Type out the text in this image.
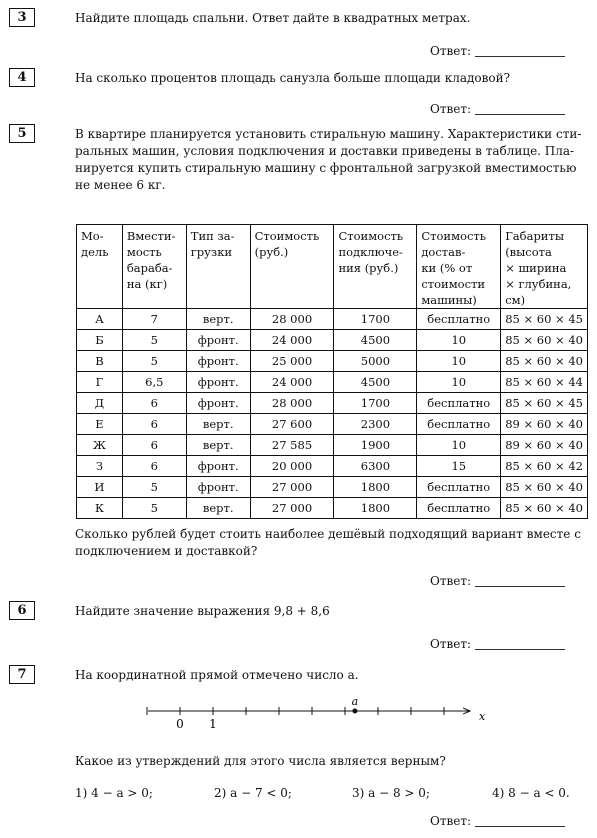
3	Найдите площадь спальни. Ответ дайте в квадратных метрах.
Ответ:
4	На сколько процентов площадь санузла больше площади кладовой?
Ответ:
5	В квартире планируется установить стиральную машину. Характеристики сти-
ральных машин, условия подключения и доставки приведены в таблице. Пла-
нируется купить стиральную машину с фронтальной загрузкой вместимостью
не менее 6 кг.
Мо-
дель	Вмести-
мость
бараба-
на (кг)	Тип за-
грузки	Стоимость
(руб.)	Стоимость
подключе-
ния (руб.)	Стоимость
достав-
ки (% от
стоимости
машины)	Габариты
(высота
× ширина
× глубина,
см)
А	7	верт.	28 000	1700	бесплатно	85 × 60 × 45
Б	5	фронт.	24 000	4500	10	85 × 60 × 40
В	5	фронт.	25 000	5000	10	85 × 60 × 40
Г	6,5	фронт.	24 000	4500	10	85 × 60 × 44
Д	6	фронт.	28 000	1700	бесплатно	85 × 60 × 45
Е	6	верт.	27 600	2300	бесплатно	89 × 60 × 40
Ж	6	верт.	27 585	1900	10	89 × 60 × 40
З	6	фронт.	20 000	6300	15	85 × 60 × 42
И	5	фронт.	27 000	1800	бесплатно	85 × 60 × 40
К	5	верт.	27 000	1800	бесплатно	85 × 60 × 40
Сколько рублей будет стоить наиболее дешёвый подходящий вариант вместе с
подключением и доставкой?
Ответ:
6	Найдите значение выражения 9,8 + 8,6
Ответ:
7	На координатной прямой отмечено число a.
a
0 1
x
Какое из утверждений для этого числа является верным?
1) 4 − a > 0;	2) a − 7 < 0;	3) a − 8 > 0;	4) 8 − a < 0.
Ответ:
